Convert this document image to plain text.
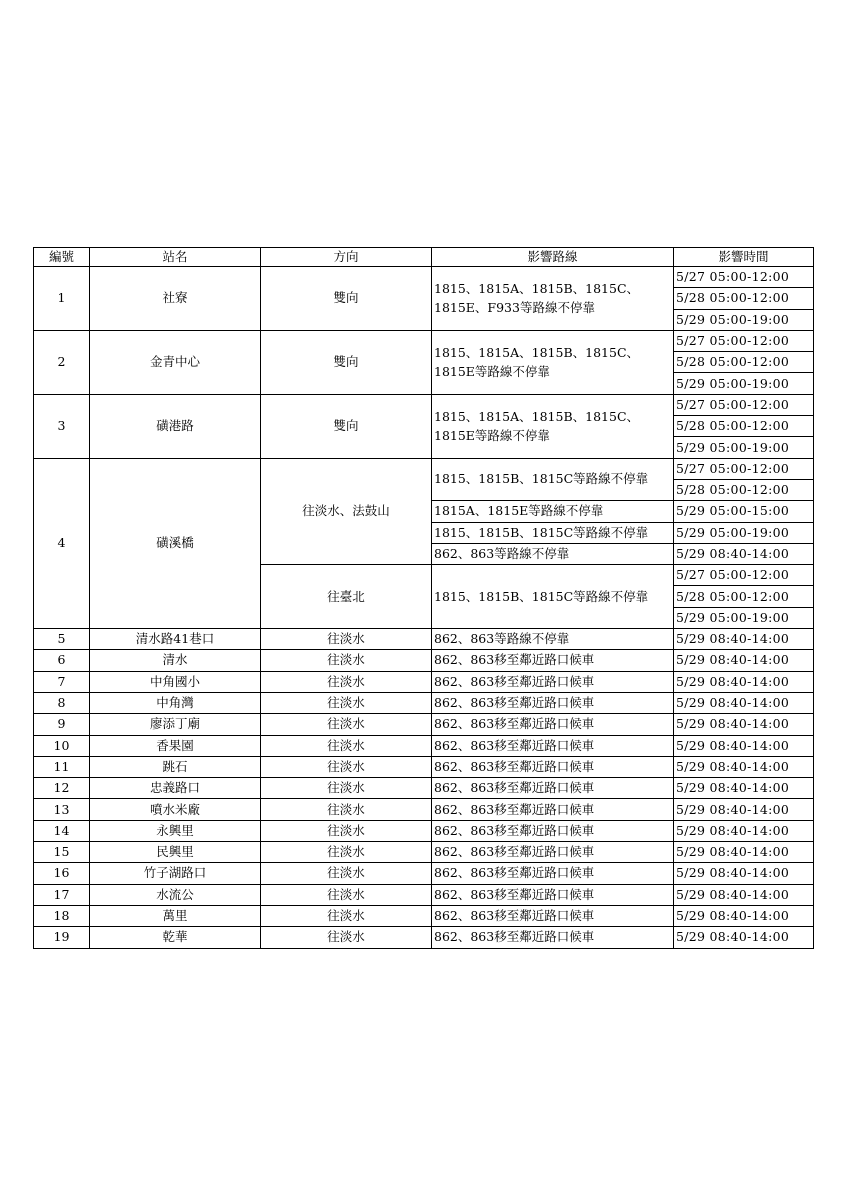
編號	站名	方向	影響路線	影響時間
1	社寮	雙向	1815、1815A、1815B、1815C、1815E、F933等路線不停靠	5/27 05:00-12:00
				5/28 05:00-12:00
				5/29 05:00-19:00
2	金青中心	雙向	1815、1815A、1815B、1815C、1815E等路線不停靠	5/27 05:00-12:00
				5/28 05:00-12:00
				5/29 05:00-19:00
3	磺港路	雙向	1815、1815A、1815B、1815C、1815E等路線不停靠	5/27 05:00-12:00
				5/28 05:00-12:00
				5/29 05:00-19:00
4	磺溪橋	往淡水、法鼓山	1815、1815B、1815C等路線不停靠	5/27 05:00-12:00
				5/28 05:00-12:00
			1815A、1815E等路線不停靠	5/29 05:00-15:00
			1815、1815B、1815C等路線不停靠	5/29 05:00-19:00
			862、863等路線不停靠	5/29 08:40-14:00
		往臺北	1815、1815B、1815C等路線不停靠	5/27 05:00-12:00
				5/28 05:00-12:00
				5/29 05:00-19:00
5	清水路41巷口	往淡水	862、863等路線不停靠	5/29 08:40-14:00
6	清水	往淡水	862、863移至鄰近路口候車	5/29 08:40-14:00
7	中角國小	往淡水	862、863移至鄰近路口候車	5/29 08:40-14:00
8	中角灣	往淡水	862、863移至鄰近路口候車	5/29 08:40-14:00
9	廖添丁廟	往淡水	862、863移至鄰近路口候車	5/29 08:40-14:00
10	香果園	往淡水	862、863移至鄰近路口候車	5/29 08:40-14:00
11	跳石	往淡水	862、863移至鄰近路口候車	5/29 08:40-14:00
12	忠義路口	往淡水	862、863移至鄰近路口候車	5/29 08:40-14:00
13	噴水米廠	往淡水	862、863移至鄰近路口候車	5/29 08:40-14:00
14	永興里	往淡水	862、863移至鄰近路口候車	5/29 08:40-14:00
15	民興里	往淡水	862、863移至鄰近路口候車	5/29 08:40-14:00
16	竹子湖路口	往淡水	862、863移至鄰近路口候車	5/29 08:40-14:00
17	水流公	往淡水	862、863移至鄰近路口候車	5/29 08:40-14:00
18	萬里	往淡水	862、863移至鄰近路口候車	5/29 08:40-14:00
19	乾華	往淡水	862、863移至鄰近路口候車	5/29 08:40-14:00
